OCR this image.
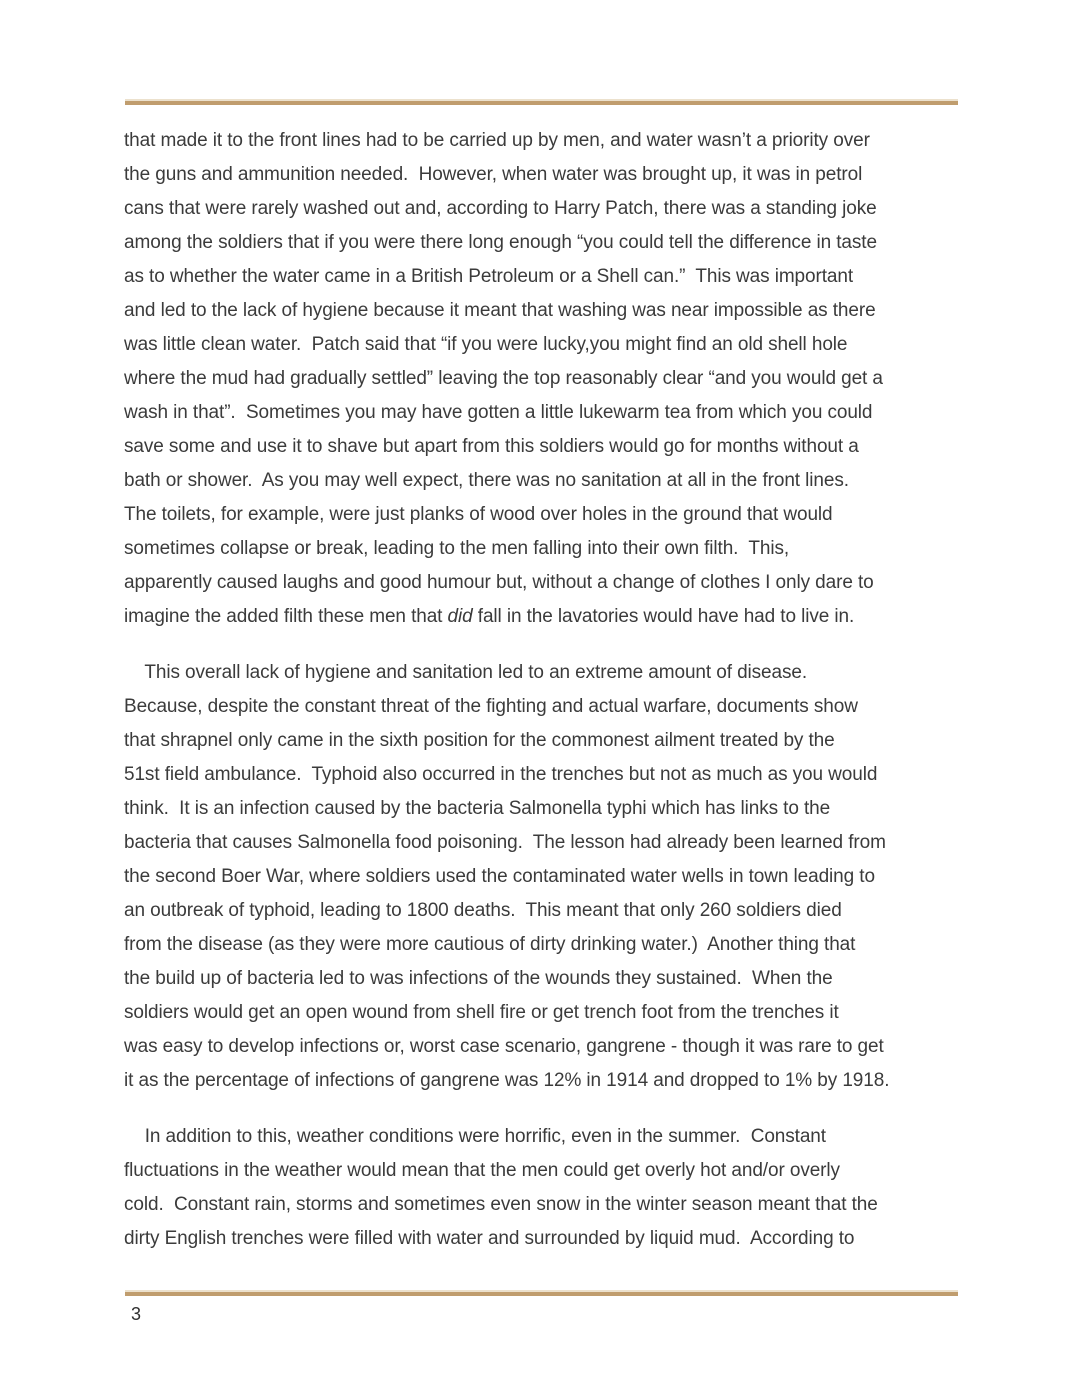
that made it to the front lines had to be carried up by men, and water wasn’t a priority over
the guns and ammunition needed.  However, when water was brought up, it was in petrol
cans that were rarely washed out and, according to Harry Patch, there was a standing joke
among the soldiers that if you were there long enough “you could tell the difference in taste
as to whether the water came in a British Petroleum or a Shell can.”  This was important
and led to the lack of hygiene because it meant that washing was near impossible as there
was little clean water.  Patch said that “if you were lucky,you might find an old shell hole
where the mud had gradually settled” leaving the top reasonably clear “and you would get a
wash in that”.  Sometimes you may have gotten a little lukewarm tea from which you could
save some and use it to shave but apart from this soldiers would go for months without a
bath or shower.  As you may well expect, there was no sanitation at all in the front lines.
The toilets, for example, were just planks of wood over holes in the ground that would
sometimes collapse or break, leading to the men falling into their own filth.  This,
apparently caused laughs and good humour but, without a change of clothes I only dare to
imagine the added filth these men that did fall in the lavatories would have had to live in.
This overall lack of hygiene and sanitation led to an extreme amount of disease.
Because, despite the constant threat of the fighting and actual warfare, documents show
that shrapnel only came in the sixth position for the commonest ailment treated by the
51st field ambulance.  Typhoid also occurred in the trenches but not as much as you would
think.  It is an infection caused by the bacteria Salmonella typhi which has links to the
bacteria that causes Salmonella food poisoning.  The lesson had already been learned from
the second Boer War, where soldiers used the contaminated water wells in town leading to
an outbreak of typhoid, leading to 1800 deaths.  This meant that only 260 soldiers died
from the disease (as they were more cautious of dirty drinking water.)  Another thing that
the build up of bacteria led to was infections of the wounds they sustained.  When the
soldiers would get an open wound from shell fire or get trench foot from the trenches it
was easy to develop infections or, worst case scenario, gangrene - though it was rare to get
it as the percentage of infections of gangrene was 12% in 1914 and dropped to 1% by 1918.
In addition to this, weather conditions were horrific, even in the summer.  Constant
fluctuations in the weather would mean that the men could get overly hot and/or overly
cold.  Constant rain, storms and sometimes even snow in the winter season meant that the
dirty English trenches were filled with water and surrounded by liquid mud.  According to
3
